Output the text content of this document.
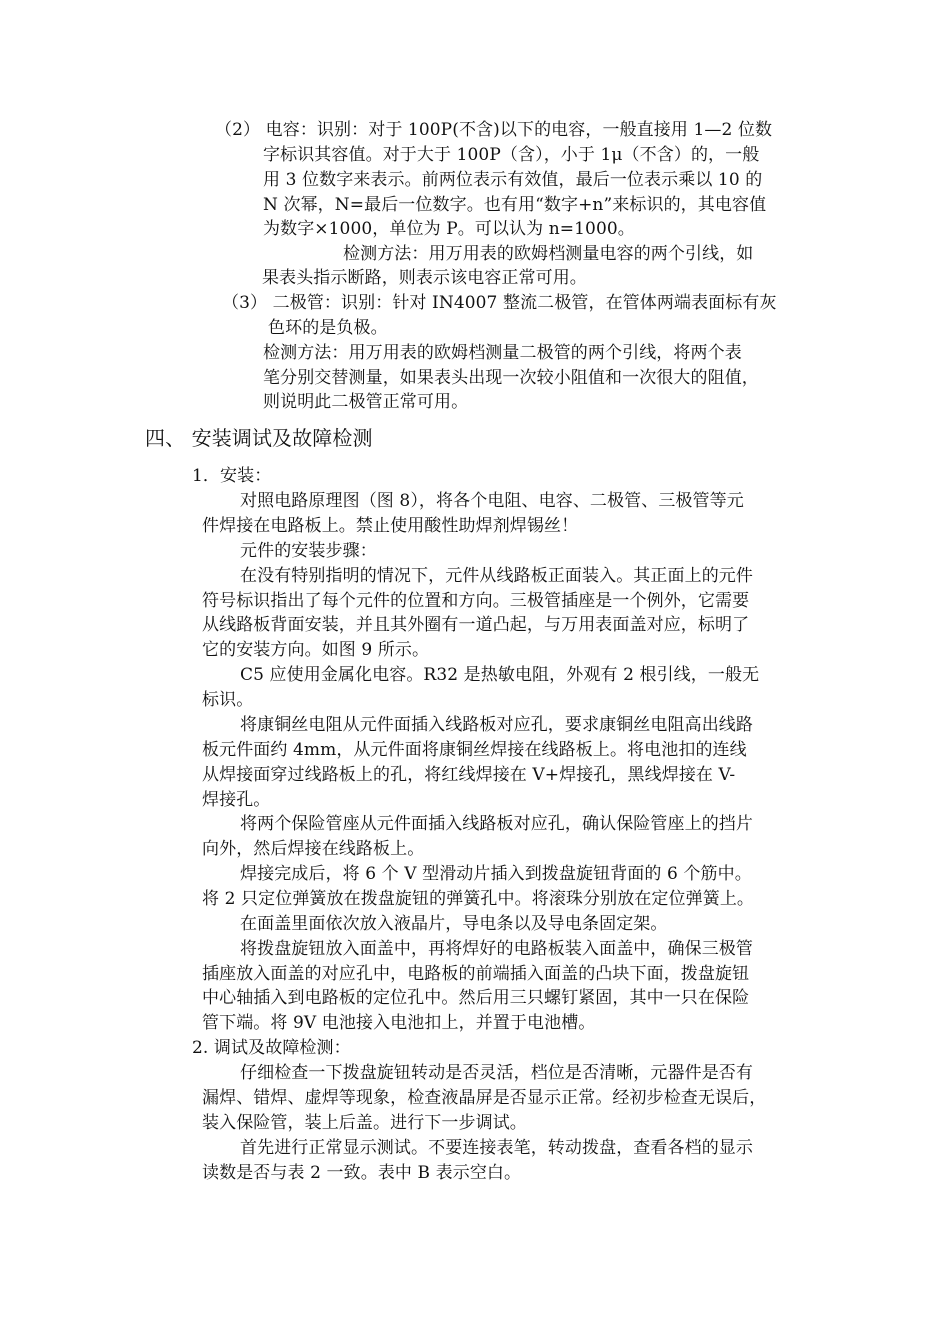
（2） 电容：识别：对于 100P(不含)以下的电容，一般直接用 1—2 位数
字标识其容值。对于大于 100P（含），小于 1μ（不含）的，一般
用 3 位数字来表示。前两位表示有效值，最后一位表示乘以 10 的
N 次幂，N=最后一位数字。也有用“数字+n”来标识的，其电容值
为数字×1000，单位为 P。可以认为 n=1000。
检测方法：用万用表的欧姆档测量电容的两个引线，如
果表头指示断路，则表示该电容正常可用。
（3） 二极管：识别：针对 IN4007 整流二极管，在管体两端表面标有灰
色环的是负极。
检测方法：用万用表的欧姆档测量二极管的两个引线，将两个表
笔分别交替测量，如果表头出现一次较小阻值和一次很大的阻值，
则说明此二极管正常可用。
四、 安装调试及故障检测
1．安装：
对照电路原理图（图 8），将各个电阻、电容、二极管、三极管等元
件焊接在电路板上。禁止使用酸性助焊剂焊锡丝！
元件的安装步骤：
在没有特别指明的情况下，元件从线路板正面装入。其正面上的元件
符号标识指出了每个元件的位置和方向。三极管插座是一个例外，它需要
从线路板背面安装，并且其外圈有一道凸起，与万用表面盖对应，标明了
它的安装方向。如图 9 所示。
C5 应使用金属化电容。R32 是热敏电阻，外观有 2 根引线，一般无
标识。
将康铜丝电阻从元件面插入线路板对应孔，要求康铜丝电阻高出线路
板元件面约 4mm，从元件面将康铜丝焊接在线路板上。将电池扣的连线
从焊接面穿过线路板上的孔，将红线焊接在 V+焊接孔，黑线焊接在 V-
焊接孔。
将两个保险管座从元件面插入线路板对应孔，确认保险管座上的挡片
向外，然后焊接在线路板上。
焊接完成后，将 6 个 V 型滑动片插入到拨盘旋钮背面的 6 个筋中。
将 2 只定位弹簧放在拨盘旋钮的弹簧孔中。将滚珠分别放在定位弹簧上。
在面盖里面依次放入液晶片，导电条以及导电条固定架。
将拨盘旋钮放入面盖中，再将焊好的电路板装入面盖中，确保三极管
插座放入面盖的对应孔中，电路板的前端插入面盖的凸块下面，拨盘旋钮
中心轴插入到电路板的定位孔中。然后用三只螺钉紧固，其中一只在保险
管下端。将 9V 电池接入电池扣上，并置于电池槽。
2. 调试及故障检测：
仔细检查一下拨盘旋钮转动是否灵活，档位是否清晰，元器件是否有
漏焊、错焊、虚焊等现象，检查液晶屏是否显示正常。经初步检查无误后，
装入保险管，装上后盖。进行下一步调试。
首先进行正常显示测试。不要连接表笔，转动拨盘，查看各档的显示
读数是否与表 2 一致。表中 B 表示空白。
